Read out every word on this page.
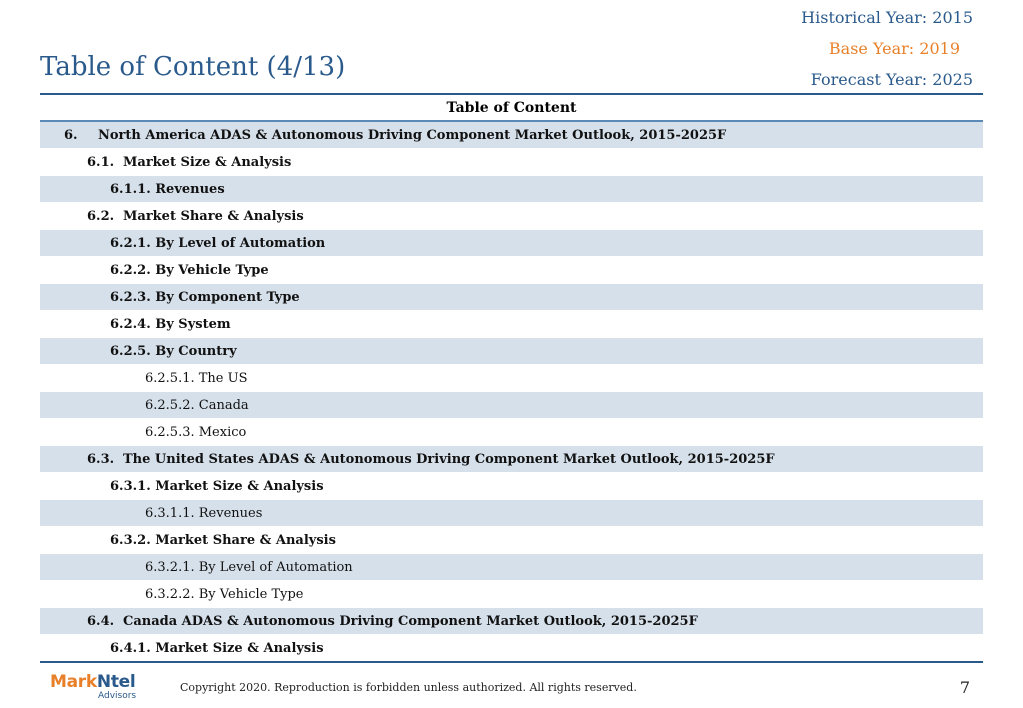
Historical Year: 2015
Base Year: 2019
Forecast Year: 2025
Table of Content (4/13)
Table of Content
6. North America ADAS & Autonomous Driving Component Market Outlook, 2015-2025F
6.1. Market Size & Analysis
6.1.1. Revenues
6.2. Market Share & Analysis
6.2.1. By Level of Automation
6.2.2. By Vehicle Type
6.2.3. By Component Type
6.2.4. By System
6.2.5. By Country
6.2.5.1. The US
6.2.5.2. Canada
6.2.5.3. Mexico
6.3. The United States ADAS & Autonomous Driving Component Market Outlook, 2015-2025F
6.3.1. Market Size & Analysis
6.3.1.1. Revenues
6.3.2. Market Share & Analysis
6.3.2.1. By Level of Automation
6.3.2.2. By Vehicle Type
6.4. Canada ADAS & Autonomous Driving Component Market Outlook, 2015-2025F
6.4.1. Market Size & Analysis
MarkNtel
Advisors
Copyright 2020. Reproduction is forbidden unless authorized. All rights reserved.	7
